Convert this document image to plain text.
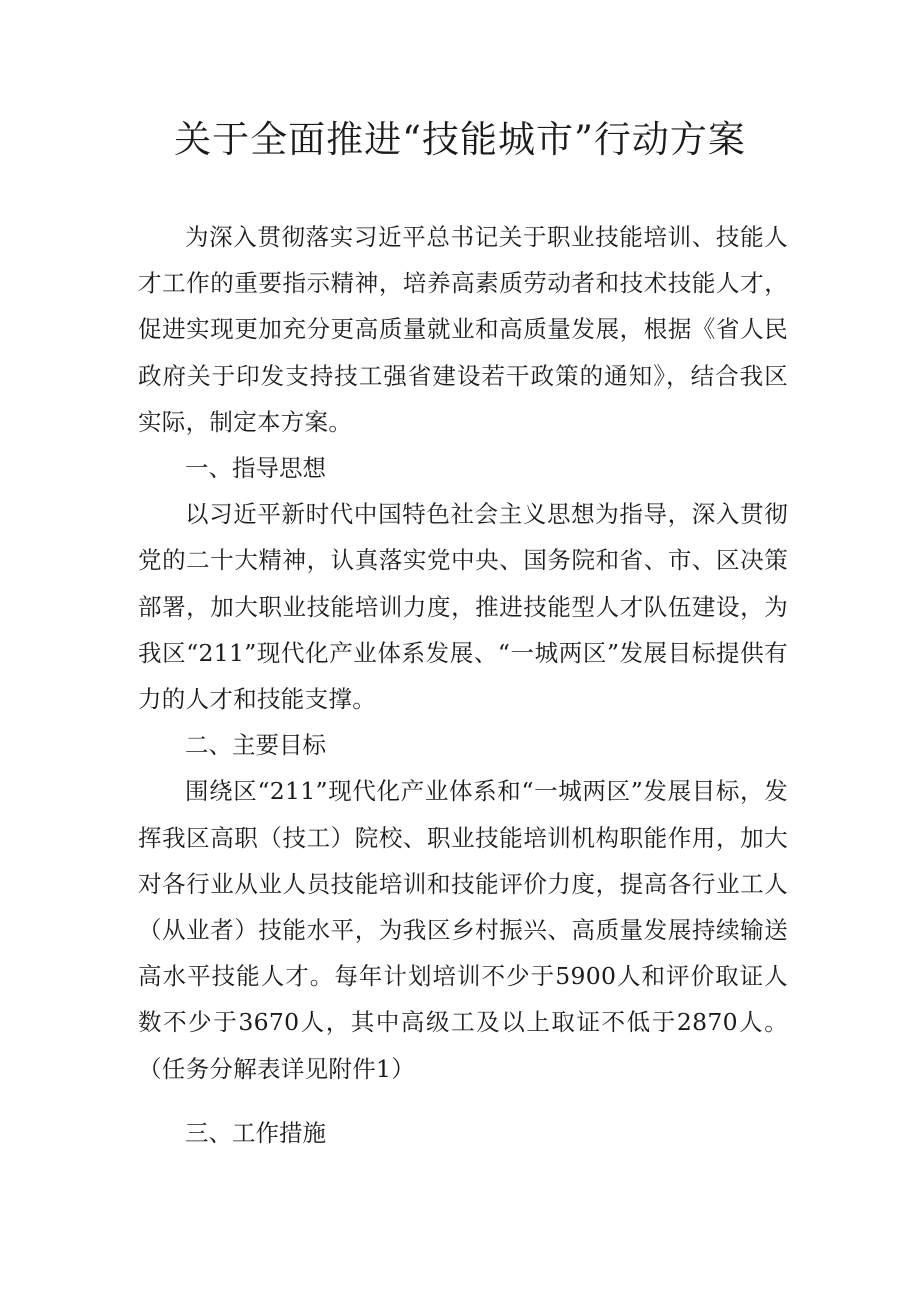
关于全面推进“技能城市”行动方案

为深入贯彻落实习近平总书记关于职业技能培训、技能人才工作的重要指示精神，培养高素质劳动者和技术技能人才，促进实现更加充分更高质量就业和高质量发展，根据《省人民政府关于印发支持技工强省建设若干政策的通知》，结合我区实际，制定本方案。

一、指导思想

以习近平新时代中国特色社会主义思想为指导，深入贯彻党的二十大精神，认真落实党中央、国务院和省、市、区决策部署，加大职业技能培训力度，推进技能型人才队伍建设，为我区“211”现代化产业体系发展、“一城两区”发展目标提供有力的人才和技能支撑。

二、主要目标

围绕区“211”现代化产业体系和“一城两区”发展目标，发挥我区高职（技工）院校、职业技能培训机构职能作用，加大对各行业从业人员技能培训和技能评价力度，提高各行业工人（从业者）技能水平，为我区乡村振兴、高质量发展持续输送高水平技能人才。每年计划培训不少于5900人和评价取证人数不少于3670人，其中高级工及以上取证不低于2870人。（任务分解表详见附件1）

三、工作措施
